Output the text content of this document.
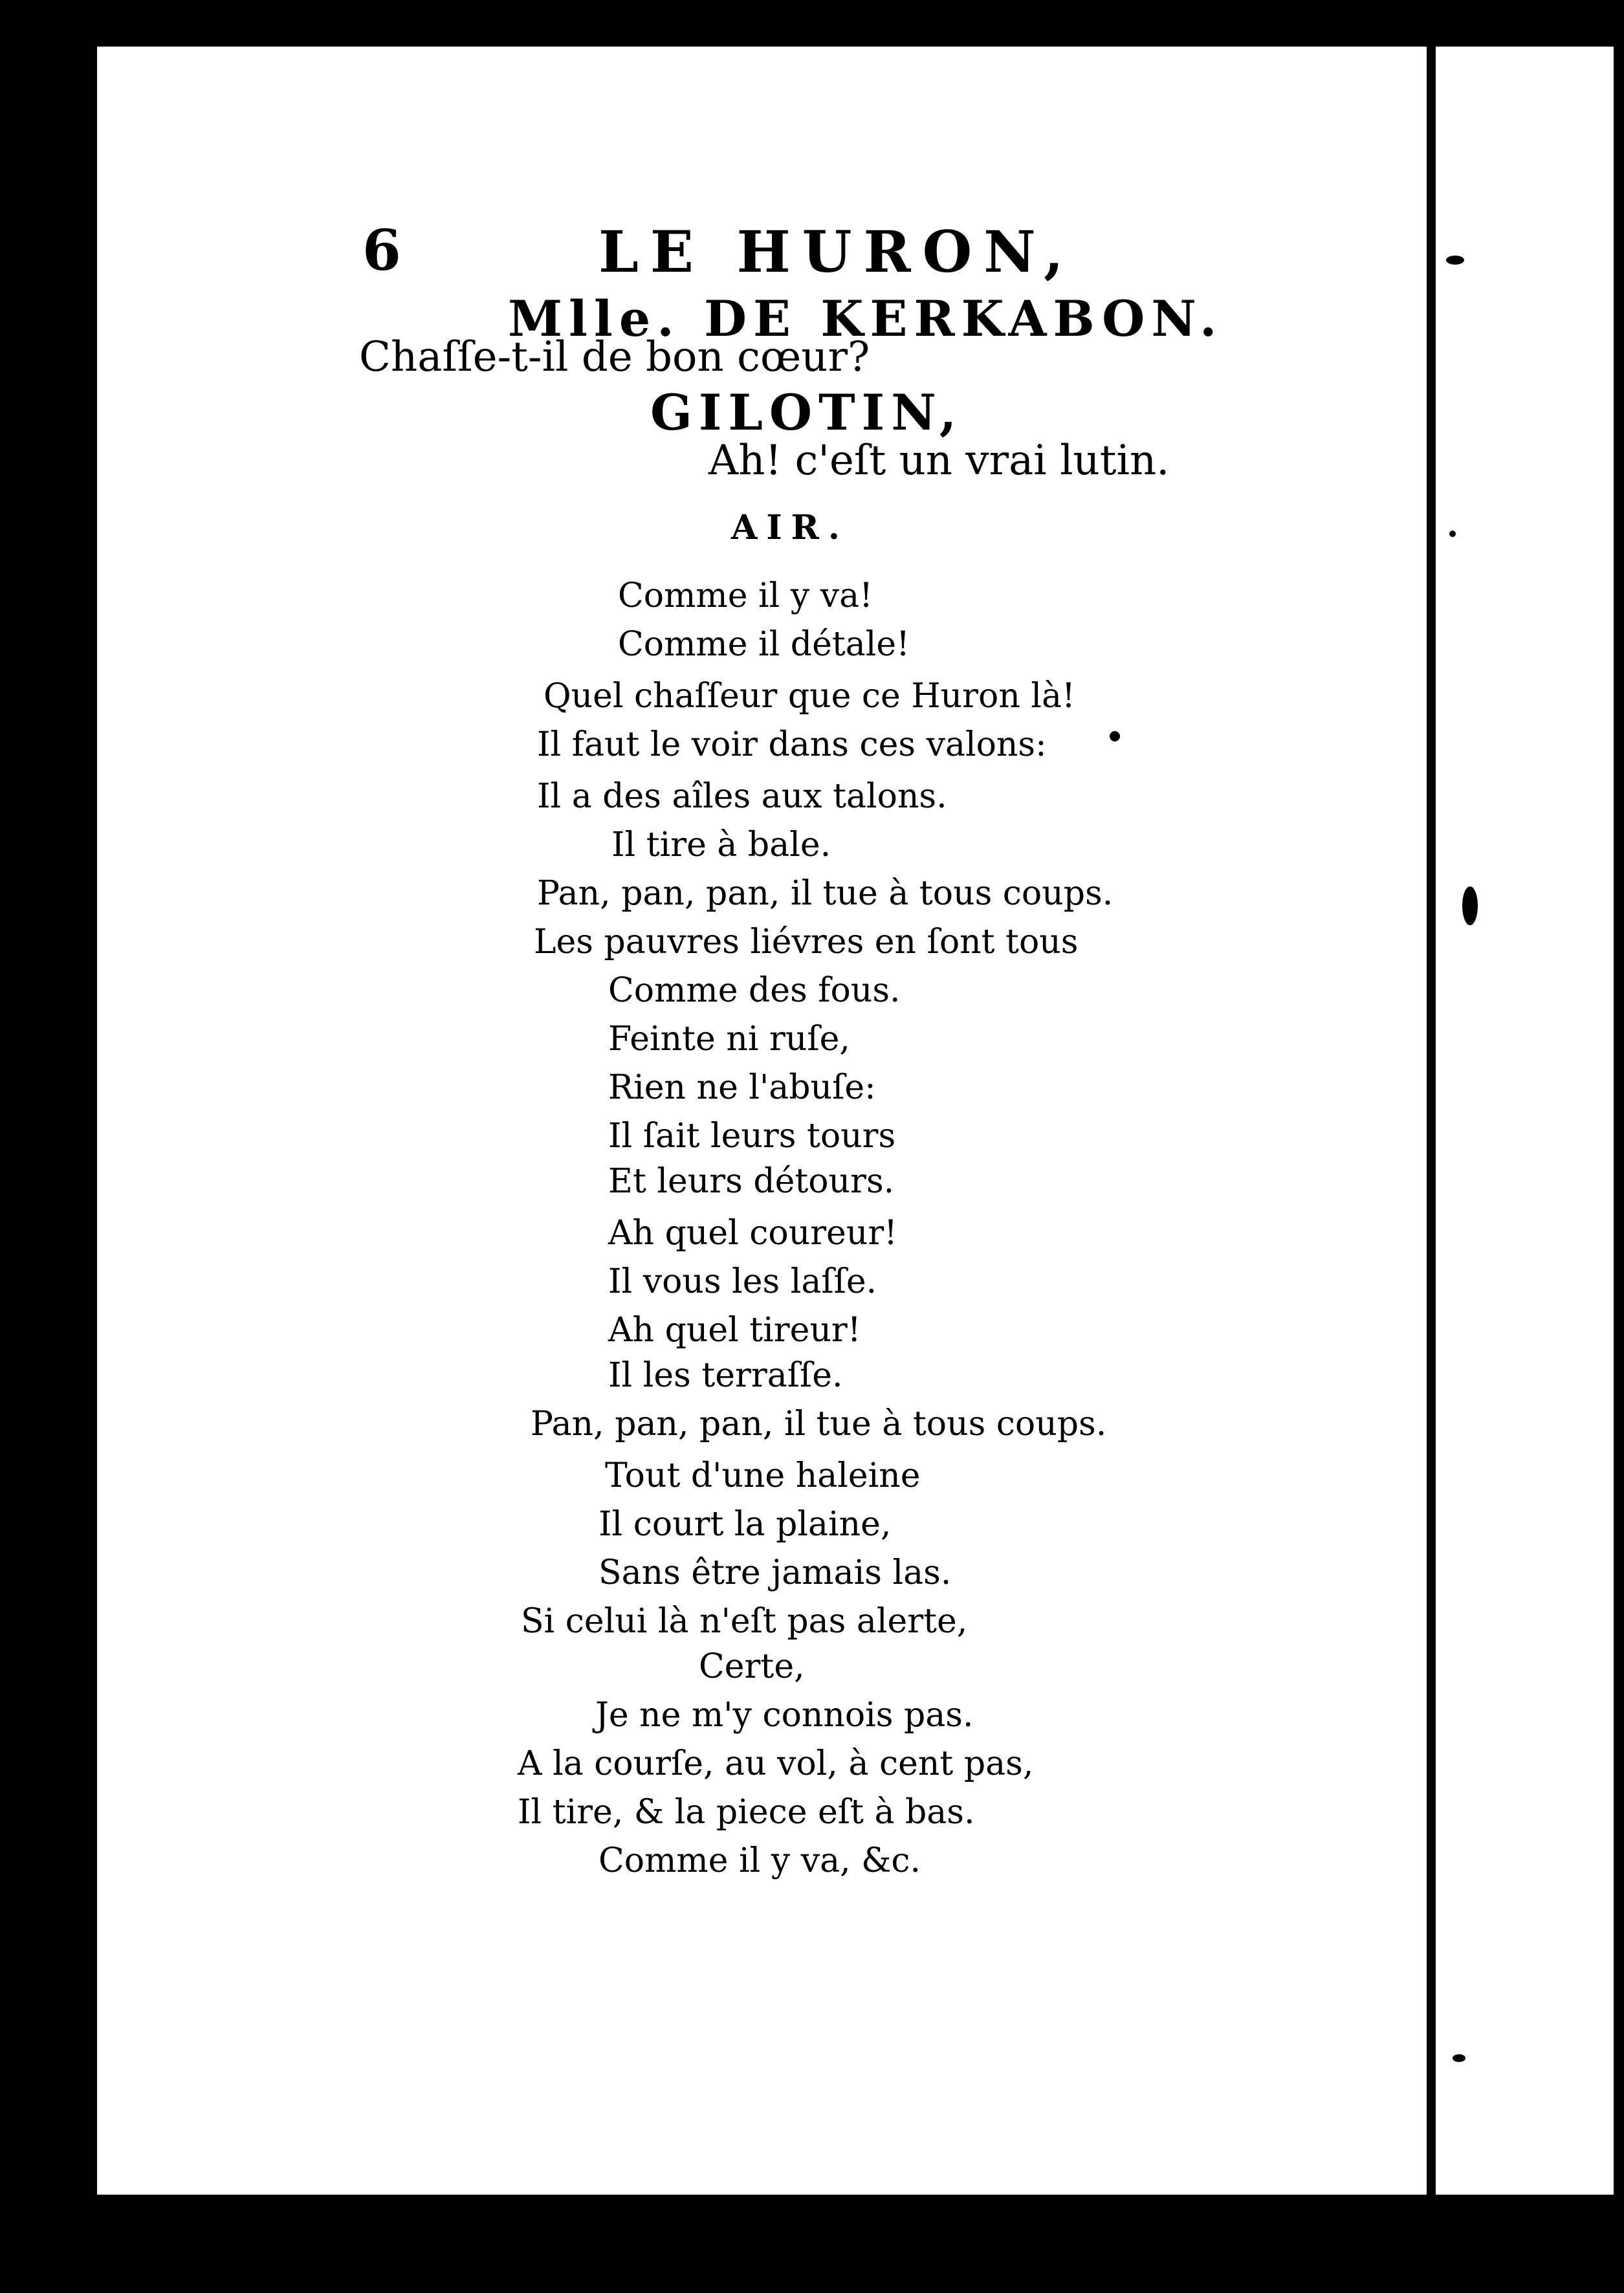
6	LE HURON,
Mlle. DE KERKABON.
Chaſſe-t-il de bon cœur?
GILOTIN,
Ah! c'eſt un vrai lutin.
AIR.
Comme il y va!
Comme il détale!
Quel chaſſeur que ce Huron là!
Il faut le voir dans ces valons:
Il a des aîles aux talons.
Il tire à bale.
Pan, pan, pan, il tue à tous coups.
Les pauvres liévres en ſont tous
Comme des fous.
Feinte ni ruſe,
Rien ne l'abuſe:
Il ſait leurs tours
Et leurs détours.
Ah quel coureur!
Il vous les laſſe.
Ah quel tireur!
Il les terraſſe.
Pan, pan, pan, il tue à tous coups.
Tout d'une haleine
Il court la plaine,
Sans être jamais las.
Si celui là n'eſt pas alerte,
Certe,
Je ne m'y connois pas.
A la courſe, au vol, à cent pas,
Il tire, & la piece eſt à bas.
Comme il y va, &c.
